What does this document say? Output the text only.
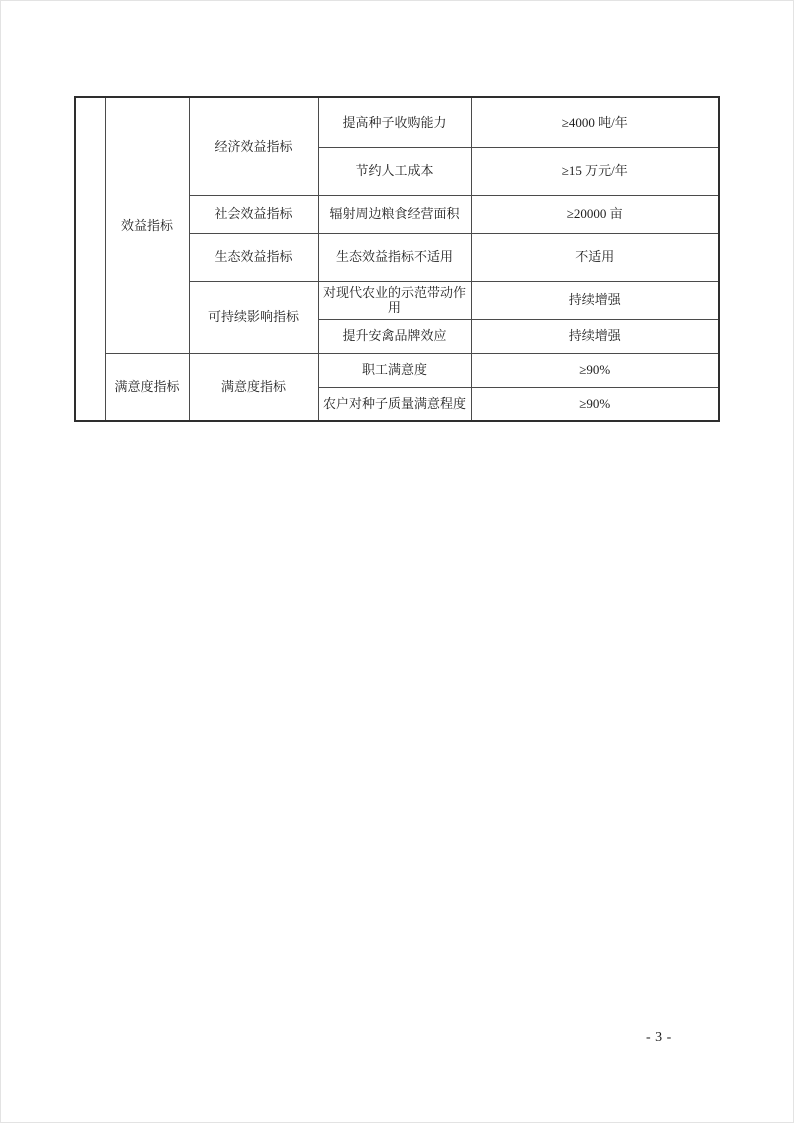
	效益指标	经济效益指标	提高种子收购能力	≥4000 吨/年
			节约人工成本	≥15 万元/年
		社会效益指标	辐射周边粮食经营面积	≥20000 亩
		生态效益指标	生态效益指标不适用	不适用
		可持续影响指标	对现代农业的示范带动作用	持续增强
			提升安禽品牌效应	持续增强
	满意度指标	满意度指标	职工满意度	≥90%
			农户对种子质量满意程度	≥90%
- 3 -
